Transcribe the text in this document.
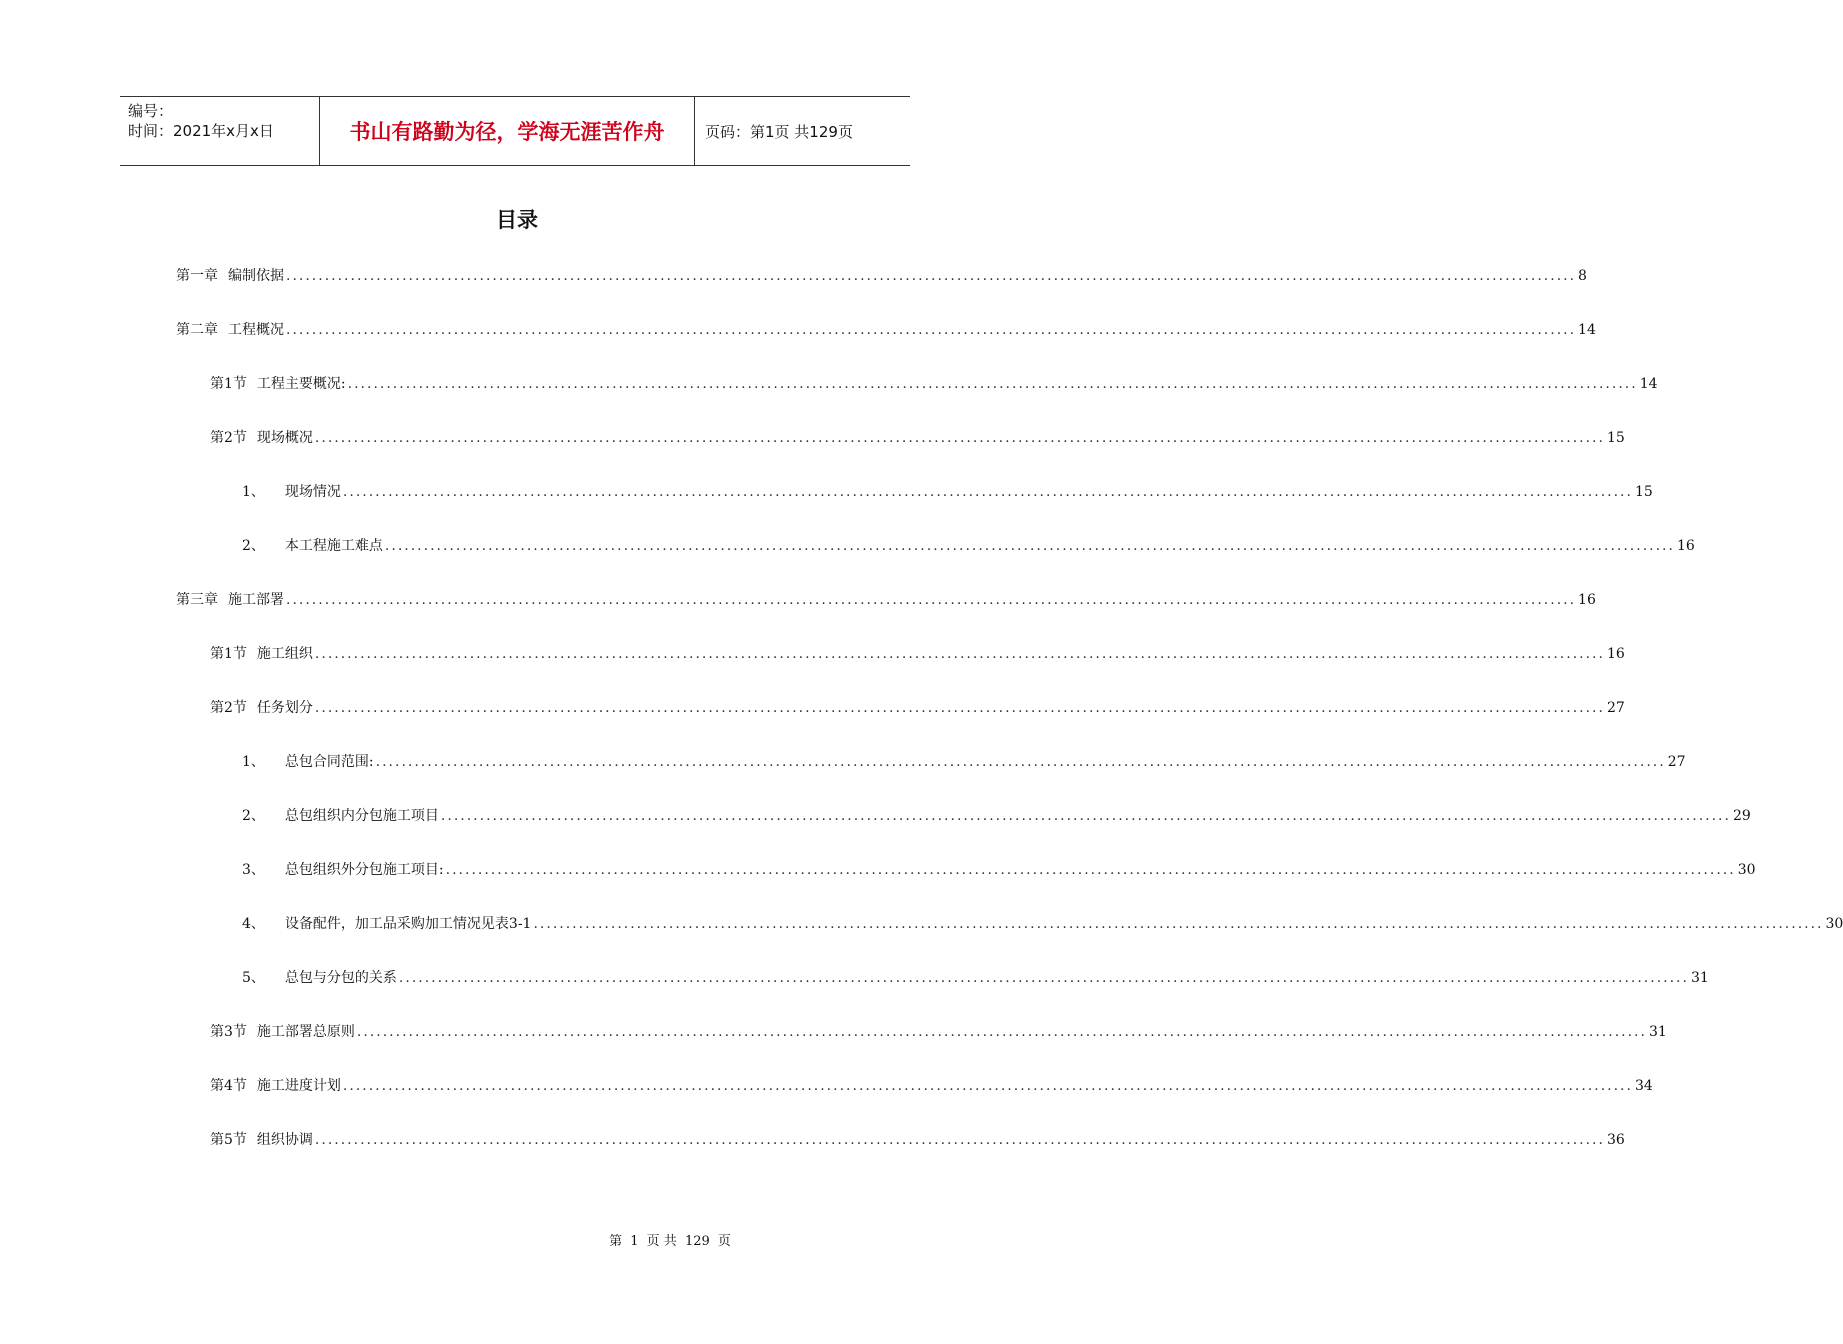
编号：
时间：2021年x月x日	书山有路勤为径，学海无涯苦作舟	页码：第1页 共129页
目录
第一章 编制依据 ........................................................................................................................................................................................................ 8
第二章 工程概况 ........................................................................................................................................................................................................ 14
第1节 工程主要概况: ........................................................................................................................................................................................................ 14
第2节 现场概况 ........................................................................................................................................................................................................ 15
1、 现场情况 ........................................................................................................................................................................................................ 15
2、 本工程施工难点 ........................................................................................................................................................................................................ 16
第三章 施工部署 ........................................................................................................................................................................................................ 16
第1节 施工组织 ........................................................................................................................................................................................................ 16
第2节 任务划分 ........................................................................................................................................................................................................ 27
1、 总包合同范围: ........................................................................................................................................................................................................ 27
2、 总包组织内分包施工项目 ........................................................................................................................................................................................................ 29
3、 总包组织外分包施工项目: ........................................................................................................................................................................................................ 30
4、 设备配件，加工品采购加工情况见表3-1 ........................................................................................................................................................................................................ 30
5、 总包与分包的关系 ........................................................................................................................................................................................................ 31
第3节 施工部署总原则 ........................................................................................................................................................................................................ 31
第4节 施工进度计划 ........................................................................................................................................................................................................ 34
第5节 组织协调 ........................................................................................................................................................................................................ 36
第 1 页 共 129 页
